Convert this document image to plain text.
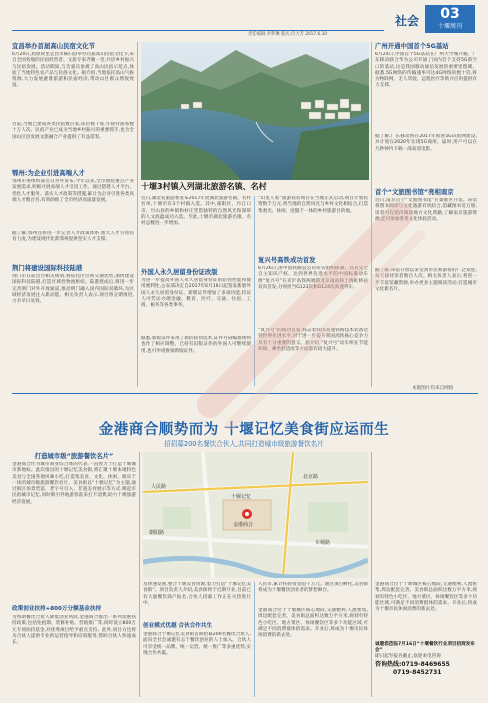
社会	03
十堰周刊
责任编辑:李梦琳 版式:肖大芳 2017.6.30
宜昌举办首届高山民宿文化节
6月20日,屈原故里宜昌市秭归县举办首届高山民宿文化节,来自全国各地的民宿经营者、文旅专家齐聚一堂,共话乡村振兴与民宿发展。活动期间,与会嘉宾参观了高山民宿示范点,体验了当地特色农产品与民俗文化。据介绍,当地依托高山气候资源,大力发展避暑旅游和民宿经济,带动山区群众增收致富。
目前,当地已建成各类民宿数百家,床位数千张,年接待游客数十万人次。民宿产业已成为当地乡村振兴的重要抓手,也为全国山区县发展文旅融合产业提供了有益借鉴。
鄂州:为企业引进高端人才
鄂州市委组织部近日对外发布,今年以来,全市围绕重点产业发展需求,积极开展高端人才引进工作。通过搭建人才平台、优化人才服务、落实人才政策等措施,累计为企业引进各类高端人才数百名,有效助推了全市经济高质量发展。
据了解,鄂州还将进一步完善人才政策体系,加大人才引进培育力度,为建设现代化新鄂州提供坚实人才支撑。
荆门将建设国际科技陆港
荆门市日前出台相关规划,将依托区位和交通优势,加快建设国际科技陆港,打造区域性物流枢纽。陆港建成后,将进一步完善荆门对外开放通道,推动荆门融入国内国际双循环,为区域经济发展注入新动能。相关负责人表示,项目将分期推进,力争早日见效。
十堰3村镇入列湖北旅游名镇、名村
近日,湖北省旅游委发布2017年度湖北旅游名镇、名村名单,十堰市有3个村镇入选。其中,郧阳区、丹江口市、竹山县的乡镇和村庄凭借独特的自然风光和深厚的人文底蕴成功入选。至此,十堰市湖北旅游名镇、名村总数进一步增加。
外国人永久居留身份证改版
为进一步提高外国人永久居留身份证的防伪性能和使用便利性,公安部决定自2017年6月16日起签发新版外国人永久居留身份证。新版证件增加了多项功能,持证人可凭证办理金融、教育、医疗、交通、住宿、工商、税务等各类事务。
据悉,新版证件采用了新的防伪技术,证件号码编排规则也作了相应调整。已持有旧版证件的外国人可继续使用,也可申请换领新版证件。
“山里人家”旅游扶贫项目在当地正式启动,项目计划投资数千万元,将当地的自然风光与乡村文化相结合,打造集观光、休闲、度假于一体的乡村旅游目的地。
复兴号高铁成功首发
6月26日,由中国铁路总公司牵头组织研制、具有完全自主知识产权、达到世界先进水平的中国标准动车组“复兴号”在京沪高铁两端的北京南站和上海虹桥站双向首发,分别担当G123次和G124次高速列车。
“复兴号”的成功首发,标志着我国高速铁路技术装备达到世界先进水平,对于进一步提升我国高铁核心竞争力具有十分重要的意义。据介绍,“复兴号”动车组在节能环保、乘坐舒适度等方面都有较大提升。
广州开通中国首个5G基站
6月24日,中国首个5G基站在广州大学城开通。广东移动联合华为公司开通了国内首个支持5G新空口的基站,这是我国移动通信发展的重要里程碑。据悉,5G网络的传输速率可达4G网络的数十倍,将为物联网、无人驾驶、远程医疗等新兴应用提供有力支撑。
据了解,广东移动将在2017年推进5G试验网建设,并计划在2020年实现5G商用。届时,用户可以在几秒钟内下载一部高清电影。
首个“文旅图书馆”亮相南京
近日,南京首个“文旅图书馆”在秦淮区开馆。该馆将图书阅读与文化旅游有机结合,馆藏图书近万册,读者可在馆内阅读地方文化典籍,了解南京旅游资源,还可参加各类文化体验活动。
据了解,该馆开放以来受到市民和游客的广泛欢迎,每天接待读者数百人次。相关负责人表示,将进一步丰富馆藏资源,举办更多主题阅读活动,打造城市文化新名片。
本版图片均来自网络
金港商合顺势而为 十堰记忆美食街应运而生
招招募200名餐饮合伙人,共同打造城市级旅游餐饮名片
打造城市级“旅游餐饮名片”
金港商合作为城市商业综合体的代表,一直致力于打造十堰城市新地标。此次推出的十堰记忆美食街,将汇聚十堰本地特色美食与全国各地风味小吃,打造集美食、文化、休闲、娱乐于一体的城市级旅游餐饮名片。美食街以“十堰记忆”为主题,通过街区场景营造、老字号引入、非遗美食展示等方式,唤起市民的城市记忆,同时吸引外地游客前来打卡消费,助力十堰旅游经济发展。
政策创业扶持+800万分额基金扶持
为帮助餐饮合伙人降低创业风险,金港商合推出一系列优惠扶持政策,包括免租期、装修补贴、营销推广等,同时设立800万元专项扶持基金,对优秀项目给予重点支持。此外,项目方还将为合伙人提供专业的运营指导和培训服务,帮助合伙人快速成长。
十堰记忆
人民路
北京路
朝阳路
金港商合
车城路
及快速发展,整合十堰美食资源,着力打造“十堰记忆美食街”。项目负责人介绍,美食街将于近期开业,目前已有大量餐饮商户报名,合伙人招募工作正在火热进行中。
创业模式优越 合伙合作共生
金港商合十堰记忆美食街首期招募200名餐饮合伙人,面向全社会诚邀有志于餐饮创业的人士加入。合伙人可享受统一品牌、统一运营、统一推广等多重优势,实现合作共赢。
人民币,累计扶持资金超千万元。通过项目孵化,美食街将成为十堰餐饮创业者的梦想舞台。
金港商合位于十堰城区核心地段,交通便利,人流密集,周边配套完善。美食街总面积达数万平方米,规划有特色小吃区、地方菜区、休闲餐饮区等多个功能区域,可满足不同消费群体的需求。开业后,将成为十堰市民休闲消费的新去处。
金港商合位于十堰城区核心地段,交通便利,人流密集,周边配套完善。美食街总面积达数万平方米,规划有特色小吃区、地方菜区、休闲餐饮区等多个功能区域,可满足不同消费群体的需求。开业后,将成为十堰市民休闲消费的新去处。
诚邀您莅临7月16日“十堰餐饮行业项目招商发布会”
即日起至报名截止,欢迎来电咨询
咨询热线:0719-8469655
0719-8452731
